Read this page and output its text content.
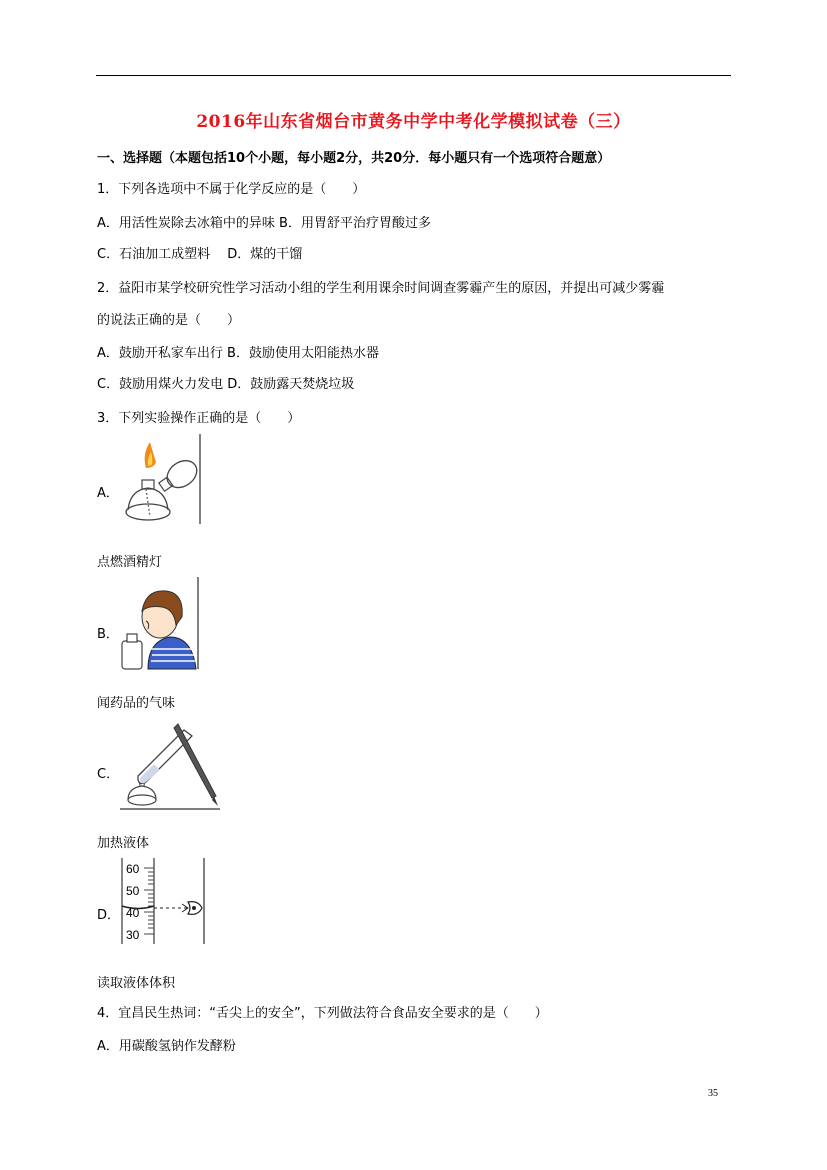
2016年山东省烟台市黄务中学中考化学模拟试卷（三）
一、选择题（本题包括10个小题，每小题2分，共20分．每小题只有一个选项符合题意）
1．下列各选项中不属于化学反应的是（　　）
A．用活性炭除去冰箱中的异味 B．用胃舒平治疗胃酸过多
C．石油加工成塑料　 D．煤的干馏
2．益阳市某学校研究性学习活动小组的学生利用课余时间调查雾霾产生的原因，并提出可减少雾霾
的说法正确的是（　　）
A．鼓励开私家车出行 B．鼓励使用太阳能热水器
C．鼓励用煤火力发电 D．鼓励露天焚烧垃圾
3．下列实验操作正确的是（　　）
A．
点燃酒精灯
B．
闻药品的气味
C．
加热液体
D．
60
50
40
30
读取液体体积
4．宜昌民生热词：“舌尖上的安全”，下列做法符合食品安全要求的是（　　）
A．用碳酸氢钠作发酵粉
35
